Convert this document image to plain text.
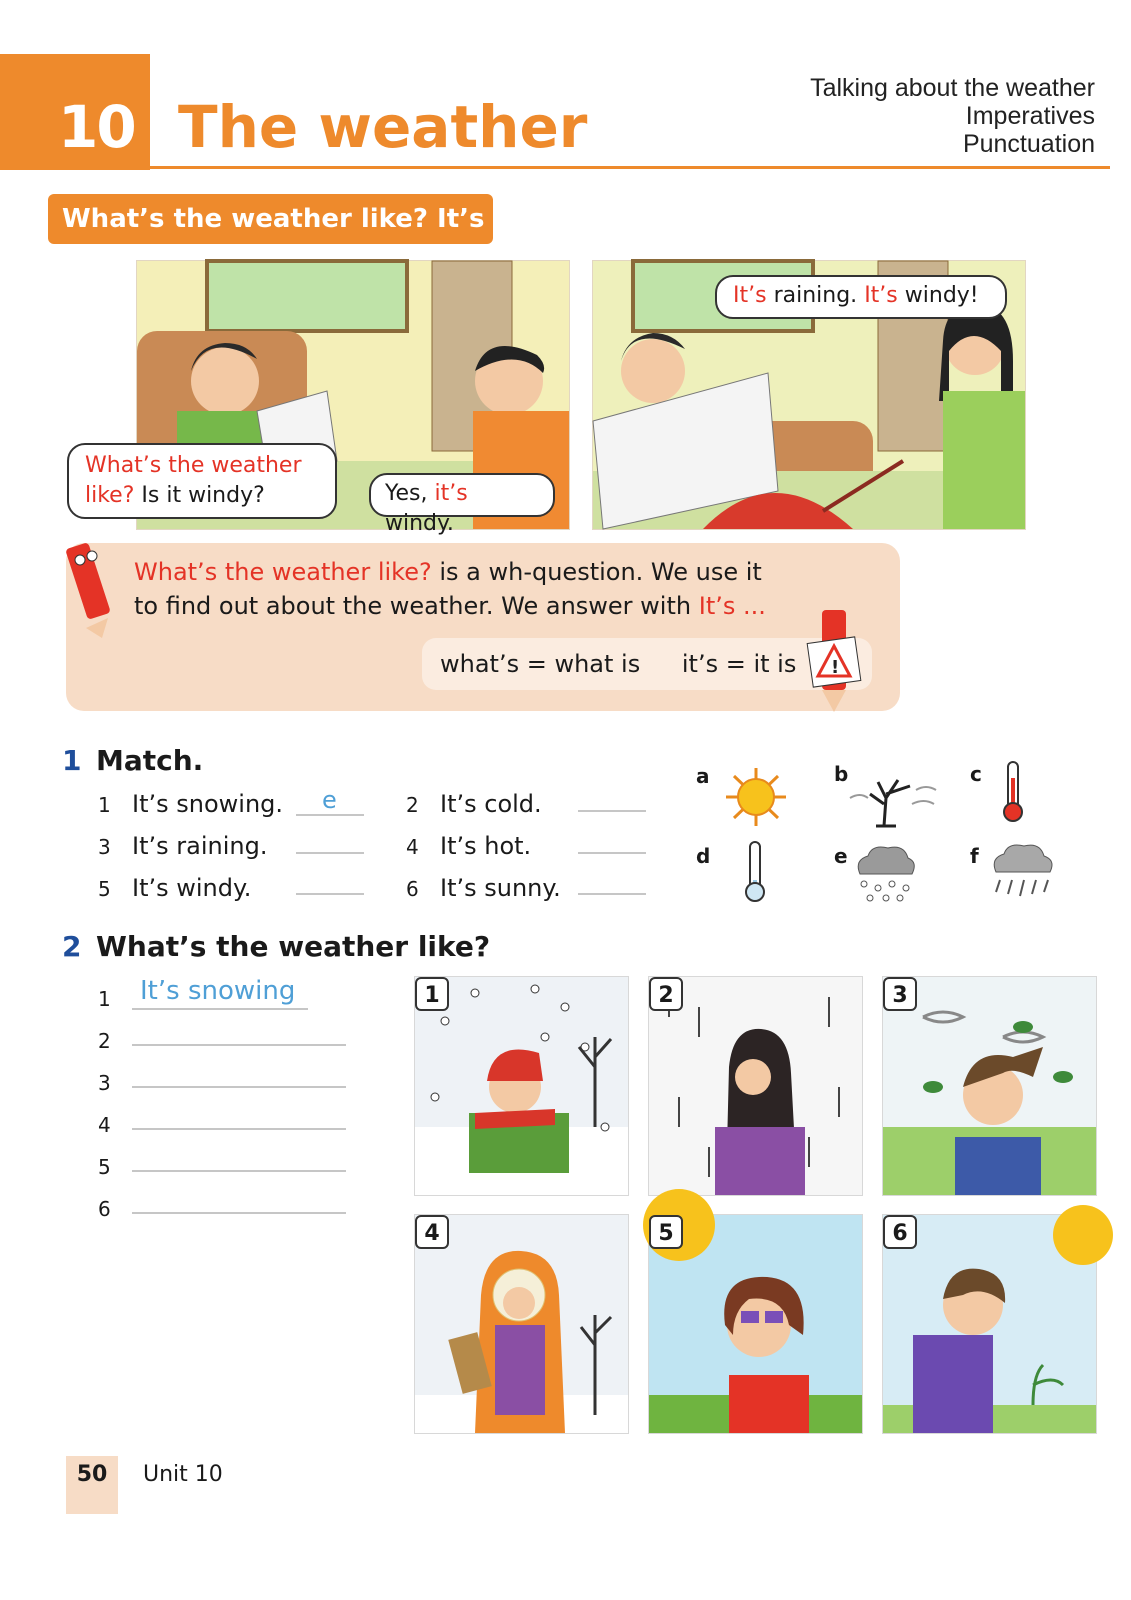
10 The weather
Talking about the weather
Imperatives
Punctuation
What’s the weather like? It’s ...
What’s the weather like? Is it windy?	Yes, it’s windy.
It’s raining. It’s windy!
What’s the weather like? is a wh-question. We use it
to find out about the weather. We answer with It’s ...
what’s = what is it’s = it is	!
1 Match.
1 It’s snowing. e	2 It’s cold.
3 It’s raining.	4 It’s hot.
5 It’s windy.	6 It’s sunny.
a	b	c
d	e	f
2 What’s the weather like?
1	It’s snowing
2
3
4
5
6
1	2	3
4	5	6
50	Unit 10
